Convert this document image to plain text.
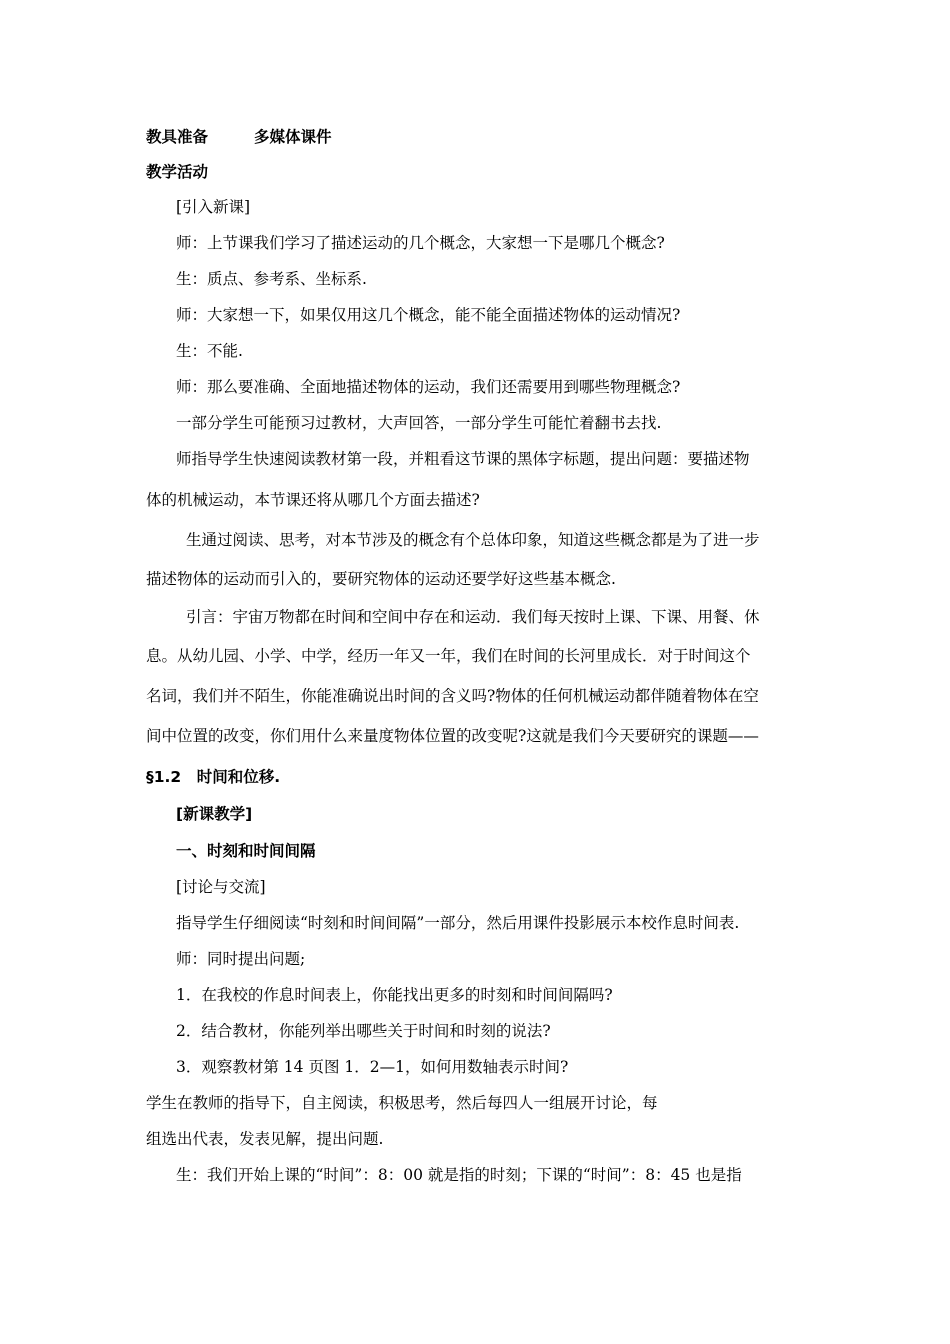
教具准备	多媒体课件
教学活动
[引入新课]
师：上节课我们学习了描述运动的几个概念，大家想一下是哪几个概念?
生：质点、参考系、坐标系.
师：大家想一下，如果仅用这几个概念，能不能全面描述物体的运动情况?
生：不能.
师：那么要准确、全面地描述物体的运动，我们还需要用到哪些物理概念?
一部分学生可能预习过教材，大声回答，一部分学生可能忙着翻书去找.
师指导学生快速阅读教材第一段，并粗看这节课的黑体字标题，提出问题：要描述物
体的机械运动，本节课还将从哪几个方面去描述?
生通过阅读、思考，对本节涉及的概念有个总体印象，知道这些概念都是为了进一步
描述物体的运动而引入的，要研究物体的运动还要学好这些基本概念.
引言：宇宙万物都在时间和空间中存在和运动．我们每天按时上课、下课、用餐、休
息。从幼儿园、小学、中学，经历一年又一年，我们在时间的长河里成长．对于时间这个
名词，我们并不陌生，你能准确说出时间的含义吗?物体的任何机械运动都伴随着物体在空
间中位置的改变，你们用什么来量度物体位置的改变呢?这就是我们今天要研究的课题——
§1.2　时间和位移.
[新课教学]
一、时刻和时间间隔
[讨论与交流]
指导学生仔细阅读“时刻和时间间隔”一部分，然后用课件投影展示本校作息时间表.
师：同时提出问题;
1．在我校的作息时间表上，你能找出更多的时刻和时间间隔吗?
2．结合教材，你能列举出哪些关于时间和时刻的说法?
3．观察教材第 14 页图 1．2—1，如何用数轴表示时间?
学生在教师的指导下，自主阅读，积极思考，然后每四人一组展开讨论，每
组选出代表，发表见解，提出问题.
生：我们开始上课的“时间”：8：00 就是指的时刻；下课的“时间”：8：45 也是指
